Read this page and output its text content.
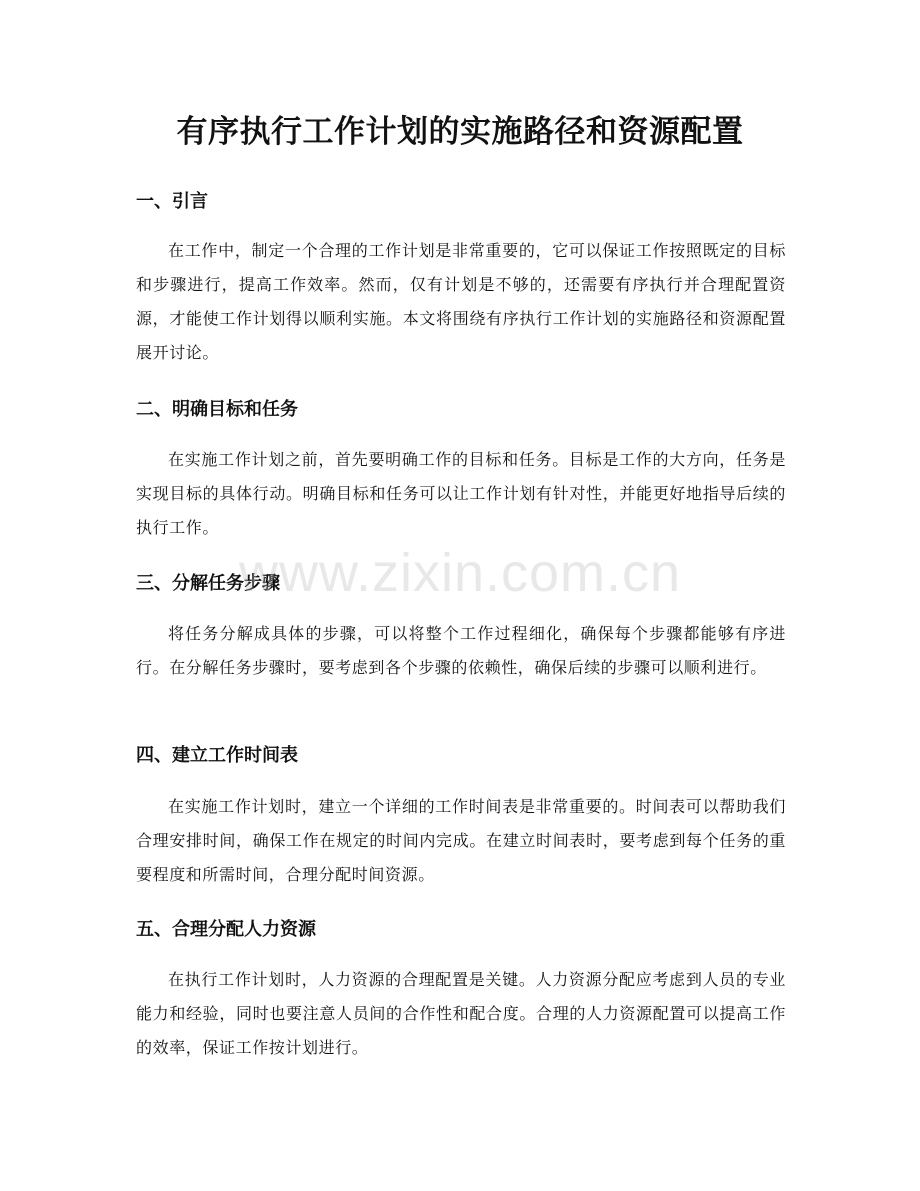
有序执行工作计划的实施路径和资源配置
一、引言

在工作中，制定一个合理的工作计划是非常重要的，它可以保证工作按照既定的目标和步骤进行，提高工作效率。然而，仅有计划是不够的，还需要有序执行并合理配置资源，才能使工作计划得以顺利实施。本文将围绕有序执行工作计划的实施路径和资源配置展开讨论。

二、明确目标和任务

在实施工作计划之前，首先要明确工作的目标和任务。目标是工作的大方向，任务是实现目标的具体行动。明确目标和任务可以让工作计划有针对性，并能更好地指导后续的执行工作。

三、分解任务步骤

将任务分解成具体的步骤，可以将整个工作过程细化，确保每个步骤都能够有序进行。在分解任务步骤时，要考虑到各个步骤的依赖性，确保后续的步骤可以顺利进行。

四、建立工作时间表

在实施工作计划时，建立一个详细的工作时间表是非常重要的。时间表可以帮助我们合理安排时间，确保工作在规定的时间内完成。在建立时间表时，要考虑到每个任务的重要程度和所需时间，合理分配时间资源。

五、合理分配人力资源

在执行工作计划时，人力资源的合理配置是关键。人力资源分配应考虑到人员的专业能力和经验，同时也要注意人员间的合作性和配合度。合理的人力资源配置可以提高工作的效率，保证工作按计划进行。

www.zixin.com.cn
